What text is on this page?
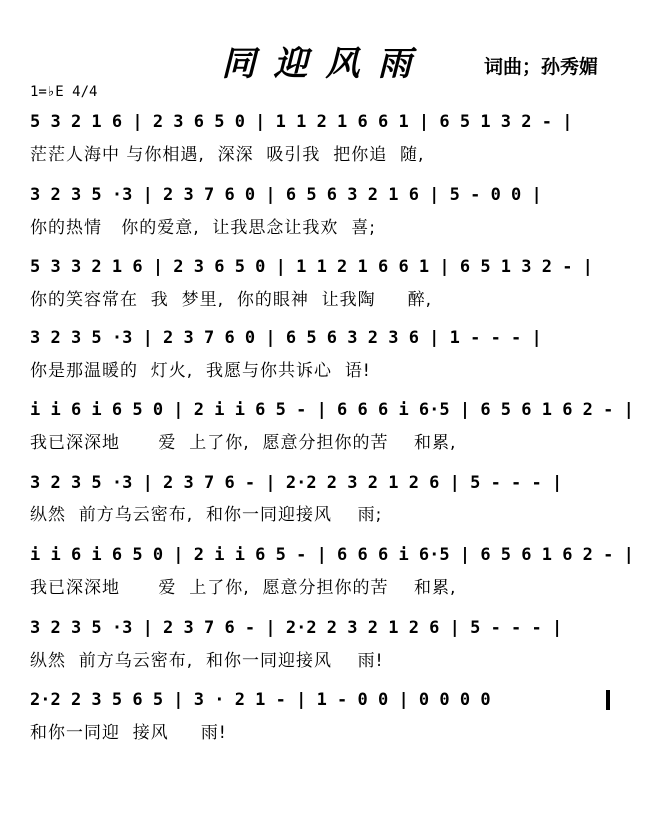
同迎风雨	词曲；孙秀媚
1=♭E 4/4
5 3 2 1 6 | 2 3 6 5 0 | 1 1 2 1 6 6 1 | 6 5 1 3 2 - |
茫茫人海中 与你相遇,  深深  吸引我  把你追  随,
3 2 3 5 ·3 | 2 3 7 6 0 | 6 5 6 3 2 1 6 | 5 - 0 0 |
你的热情   你的爱意,  让我思念让我欢  喜;
5 3 3 2 1 6 | 2 3 6 5 0 | 1 1 2 1 6 6 1 | 6 5 1 3 2 - |
你的笑容常在  我  梦里,  你的眼神  让我陶     醉,
3 2 3 5 ·3 | 2 3 7 6 0 | 6 5 6 3 2 3 6 | 1 - - - |
你是那温暖的  灯火,  我愿与你共诉心  语!
i i 6 i 6 5 0 | 2 i i 6 5 - | 6 6 6 i 6·5 | 6 5 6 1 6 2 - |
我已深深地      爱  上了你,  愿意分担你的苦    和累,
3 2 3 5 ·3 | 2 3 7 6 - | 2·2 2 3 2 1 2 6 | 5 - - - |
纵然  前方乌云密布,  和你一同迎接风    雨;
i i 6 i 6 5 0 | 2 i i 6 5 - | 6 6 6 i 6·5 | 6 5 6 1 6 2 - |
我已深深地      爱  上了你,  愿意分担你的苦    和累,
3 2 3 5 ·3 | 2 3 7 6 - | 2·2 2 3 2 1 2 6 | 5 - - - |
纵然  前方乌云密布,  和你一同迎接风    雨!
2·2 2 3 5 6 5 | 3 · 2 1 - | 1 - 0 0 | 0 0 0 0
和你一同迎  接风     雨!
